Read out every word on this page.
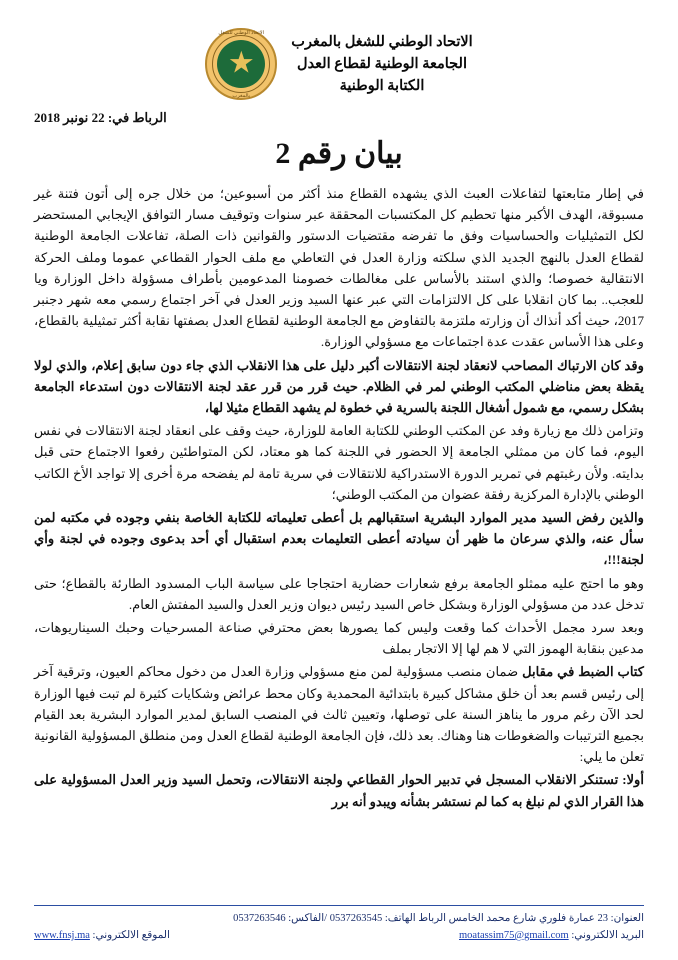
الاتحاد الوطني للشغل بالمغرب
الجامعة الوطنية لقطاع العدل
الكتابة الوطنية
الاتحاد الوطني للشغل
بالمغرب
★
الرباط في: 22 نونبر 2018
بيان رقم 2

في إطار متابعتها لتفاعلات العبث الذي يشهده القطاع منذ أكثر من أسبوعين؛ من خلال جره إلى أتون فتنة غير مسبوقة، الهدف الأكبر منها تحطيم كل المكتسبات المحققة عبر سنوات وتوقيف مسار التوافق الإيجابي المستحضر لكل التمثيليات والحساسيات وفق ما تفرضه مقتضيات الدستور والقوانين ذات الصلة، تفاعلات الجامعة الوطنية لقطاع العدل بالنهج الجديد الذي سلكته وزارة العدل في التعاطي مع ملف الحوار القطاعي عموما وملف الحركة الانتقالية خصوصا؛ والذي استند بالأساس على مغالطات خصومنا المدعومين بأطراف مسؤولة داخل الوزارة ويا للعجب.. بما كان انقلابا على كل الالتزامات التي عبر عنها السيد وزير العدل في آخر اجتماع رسمي معه شهر دجنبر 2017، حيث أكد أنذاك أن وزارته ملتزمة بالتفاوض مع الجامعة الوطنية لقطاع العدل بصفتها نقابة أكثر تمثيلية بالقطاع، وعلى هذا الأساس عقدت عدة اجتماعات مع مسؤولي الوزارة.

وقد كان الارتباك المصاحب لانعقاد لجنة الانتقالات أكبر دليل على هذا الانقلاب الذي جاء دون سابق إعلام، والذي لولا يقظة بعض مناضلي المكتب الوطني لمر في الظلام. حيث قرر من قرر عقد لجنة الانتقالات دون استدعاء الجامعة بشكل رسمي، مع شمول أشغال اللجنة بالسرية في خطوة لم يشهد القطاع مثيلا لها،

وتزامن ذلك مع زيارة وفد عن المكتب الوطني للكتابة العامة للوزارة، حيث وقف على انعقاد لجنة الانتقالات في نفس اليوم، فما كان من ممثلي الجامعة إلا الحضور في اللجنة كما هو معتاد، لكن المتواطئين رفعوا الاجتماع حتى قبل بدايته. ولأن رغبتهم في تمرير الدورة الاستدراكية للانتقالات في سرية تامة لم يفضحه مرة أخرى إلا تواجد الأخ الكاتب الوطني بالإدارة المركزية رفقة عضوان من المكتب الوطني؛

والذين رفض السيد مدير الموارد البشرية استقبالهم بل أعطى تعليماته للكتابة الخاصة بنفي وجوده في مكتبه لمن سأل عنه، والذي سرعان ما ظهر أن سيادته أعطى التعليمات بعدم استقبال أي أحد بدعوى وجوده في لجنة وأي لجنة!!!،

وهو ما احتج عليه ممثلو الجامعة برفع شعارات حضارية احتجاجا على سياسة الباب المسدود الطارئة بالقطاع؛ حتى تدخل عدد من مسؤولي الوزارة وبشكل خاص السيد رئيس ديوان وزير العدل والسيد المفتش العام.

وبعد سرد مجمل الأحداث كما وقعت وليس كما يصورها بعض محترفي صناعة المسرحيات وحبك السيناريوهات، مدعين بنقابة الهموز التي لا هم لها إلا الاتجار بملف

كتاب الضبط في مقابل

ضمان منصب مسؤولية لمن منع مسؤولي وزارة العدل من دخول محاكم العيون، وترقية آخر إلى رئيس قسم بعد أن خلق مشاكل كبيرة بابتدائية المحمدية وكان محط عرائض وشكايات كثيرة لم تبت فيها الوزارة لحد الآن رغم مرور ما يناهز السنة على توصلها، وتعيين ثالث في المنصب السابق لمدير الموارد البشرية بعد القيام بجميع الترتيبات والضغوطات هنا وهناك. بعد ذلك، فإن الجامعة الوطنية لقطاع العدل ومن منطلق المسؤولية القانونية تعلن ما يلي:

أولا: تستنكر الانقلاب المسجل في تدبير الحوار القطاعي ولجنة الانتقالات، وتحمل السيد وزير العدل المسؤولية على هذا القرار الذي لم نبلغ به كما لم نستشر بشأنه ويبدو أنه برر

العنوان: 23 عمارة فلوري شارع محمد الخامس الرباط الهاتف: 0537263545 /الفاكس: 0537263546
البريد الالكتروني: moatassim75@gmail.com
الموقع الالكتروني: www.fnsj.ma
